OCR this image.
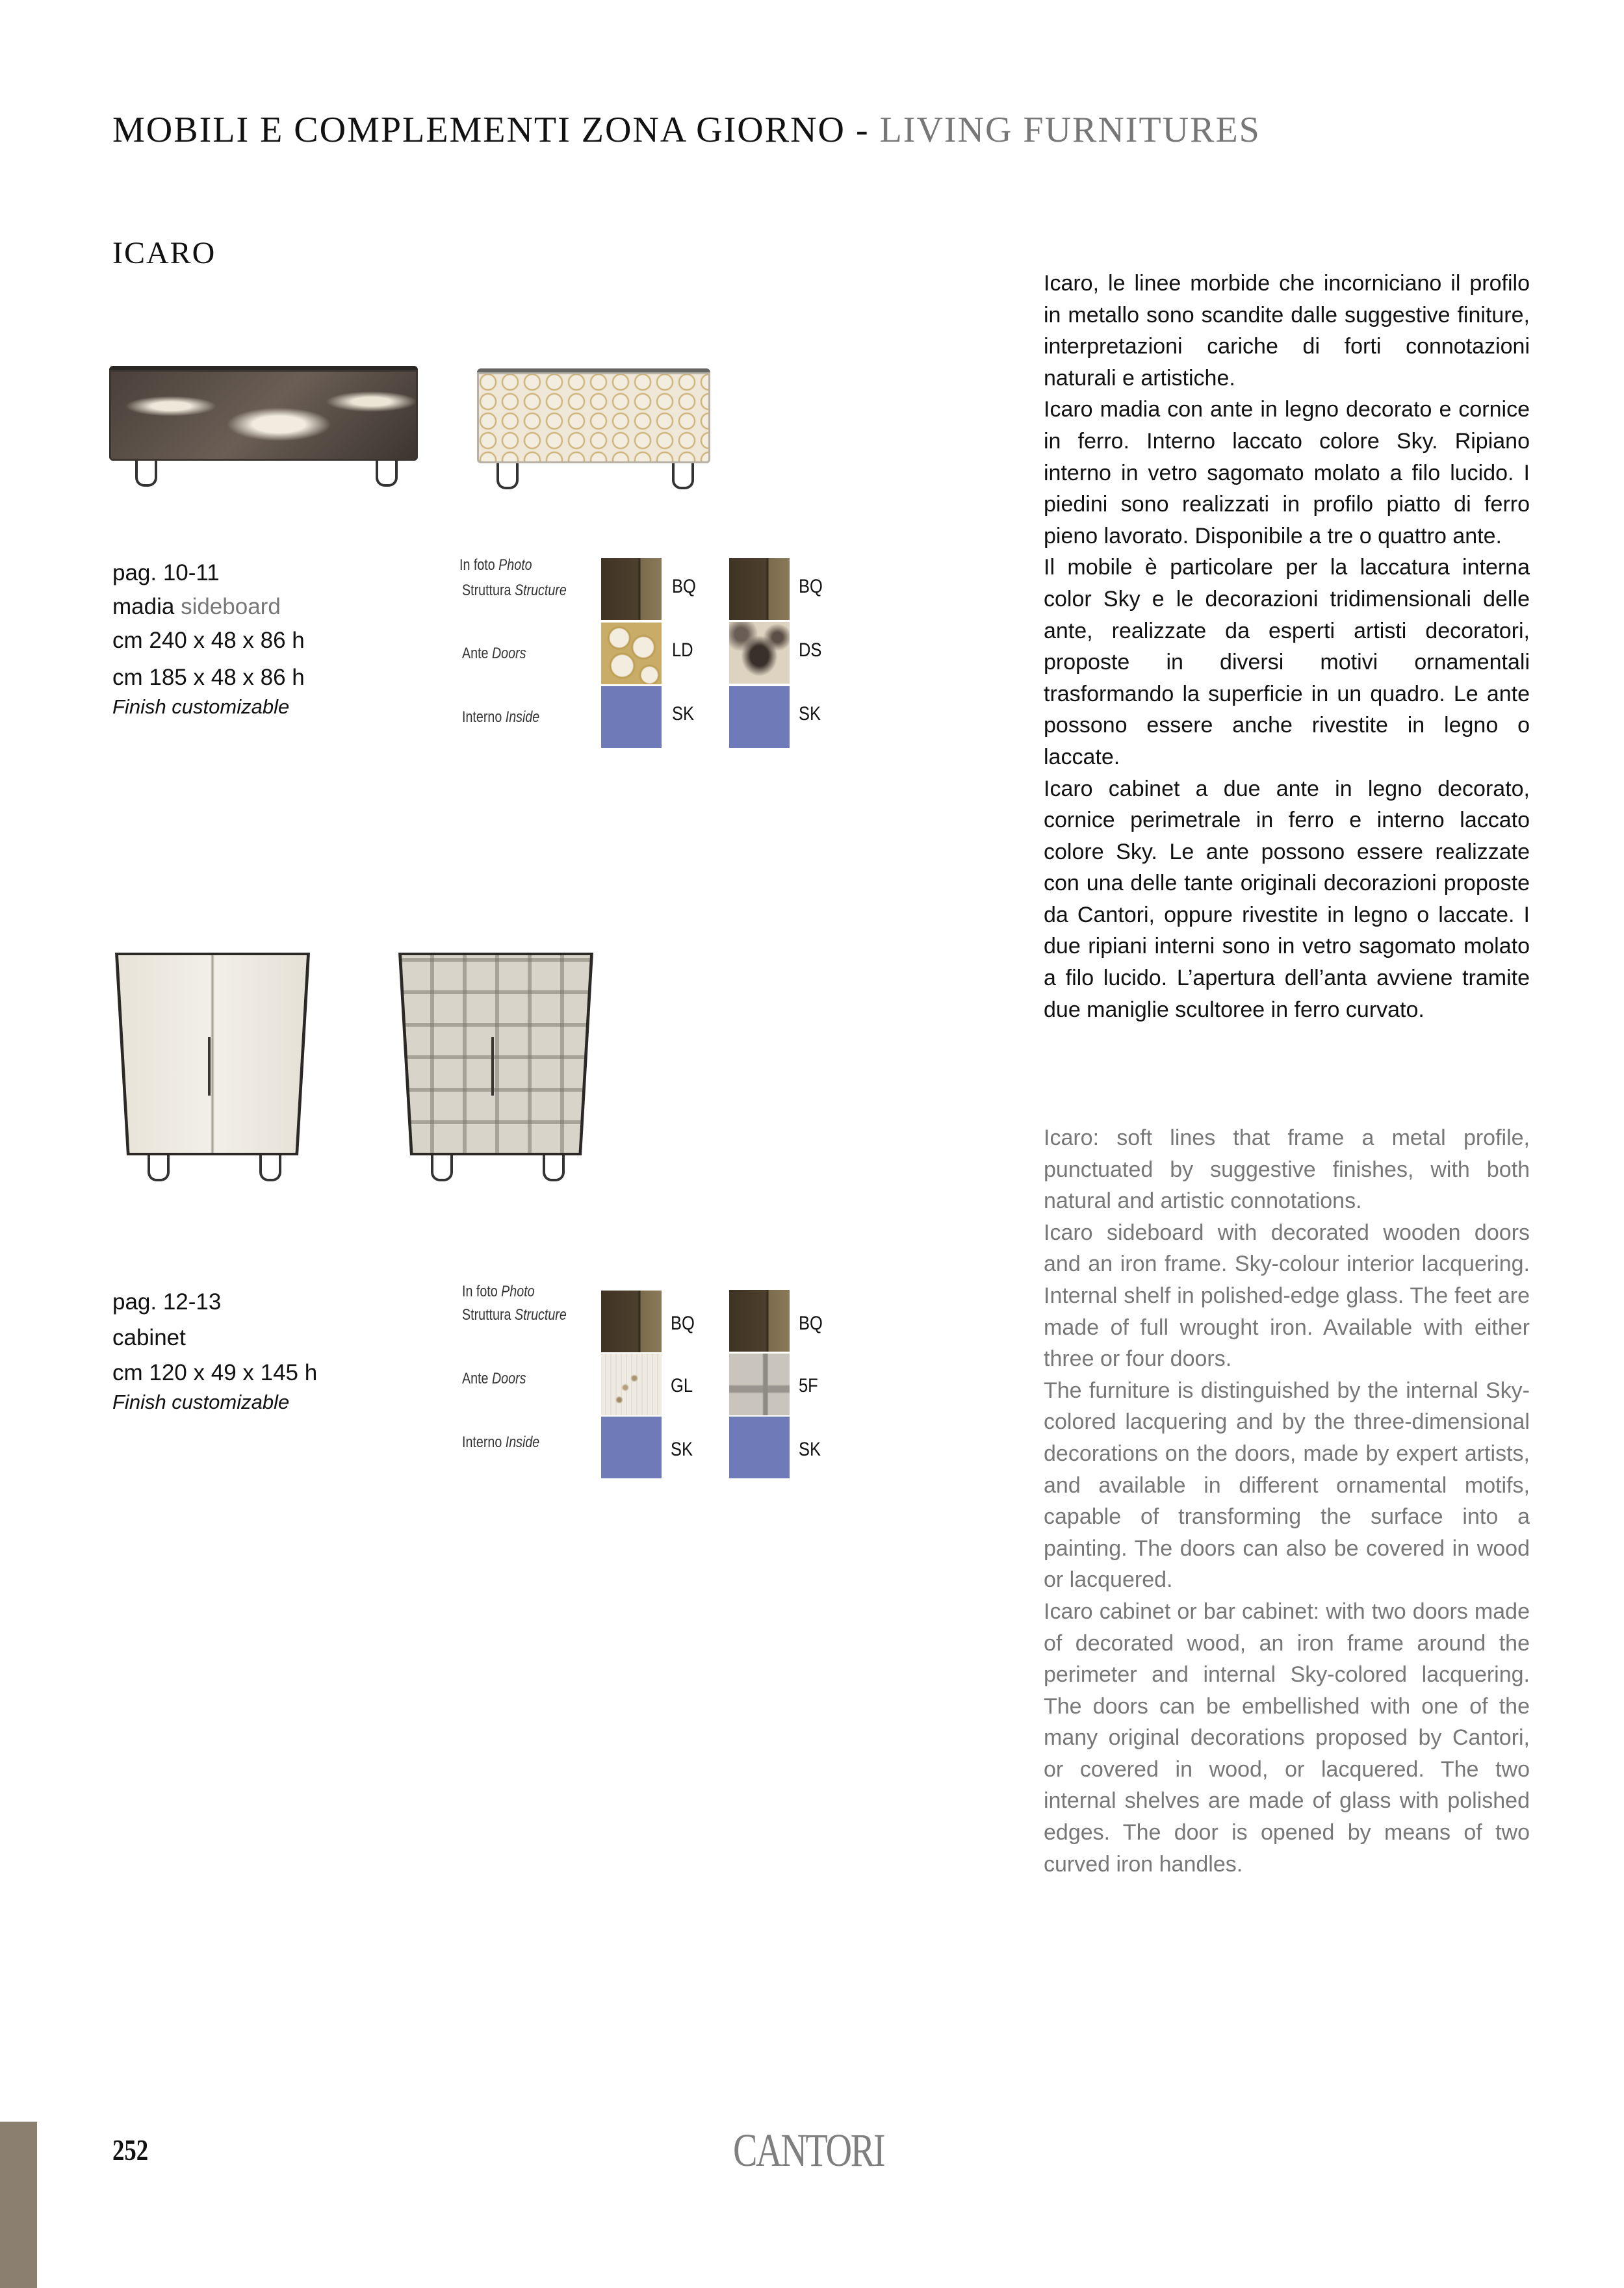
MOBILI E COMPLEMENTI ZONA GIORNO - LIVING FURNITURES
ICARO
pag. 10-11
madia sideboard
cm 240 x 48 x 86 h
cm 185 x 48 x 86 h
Finish customizable
In foto Photo
Struttura Structure
Ante Doors
Interno Inside
BQ
LD
SK
BQ
DS
SK
pag. 12-13
cabinet
cm 120 x 49 x 145 h
Finish customizable
In foto Photo
Struttura Structure
Ante Doors
Interno Inside
BQ
GL
SK
BQ
5F
SK

Icaro, le linee morbide che incorniciano il profilo in metallo sono scandite dalle suggestive finiture, interpretazioni cariche di forti connotazioni naturali e artistiche.

Icaro madia con ante in legno decorato e cornice in ferro. Interno laccato colore Sky. Ripiano interno in vetro sagomato molato a filo lucido. I piedini sono realizzati in profilo piatto di ferro pieno lavorato. Disponibile a tre o quattro ante.

Il mobile è particolare per la laccatura interna color Sky e le decorazioni tridimensionali delle ante, realizzate da esperti artisti decoratori, proposte in diversi motivi ornamentali trasformando la superficie in un quadro. Le ante possono essere anche rivestite in legno o laccate.

Icaro cabinet a due ante in legno decorato, cornice perimetrale in ferro e interno laccato colore Sky. Le ante possono essere realizzate con una delle tante originali decorazioni proposte da Cantori, oppure rivestite in legno o laccate. I due ripiani interni sono in vetro sagomato molato a filo lucido. L’apertura dell’anta avviene tramite due maniglie scultoree in ferro curvato.

Icaro: soft lines that frame a metal profile, punctuated by suggestive finishes, with both natural and artistic connotations.

Icaro sideboard with decorated wooden doors and an iron frame. Sky-colour interior lacquering. Internal shelf in polished-edge glass. The feet are made of full wrought iron. Available with either three or four doors.

The furniture is distinguished by the internal Sky-colored lacquering and by the three-dimensional decorations on the doors, made by expert artists, and available in different ornamental motifs, capable of transforming the surface into a painting. The doors can also be covered in wood or lacquered.

Icaro cabinet or bar cabinet: with two doors made of decorated wood, an iron frame around the perimeter and internal Sky-colored lacquering. The doors can be embellished with one of the many original decorations proposed by Cantori, or covered in wood, or lacquered. The two internal shelves are made of glass with polished edges. The door is opened by means of two curved iron handles.

252	CANTORI
